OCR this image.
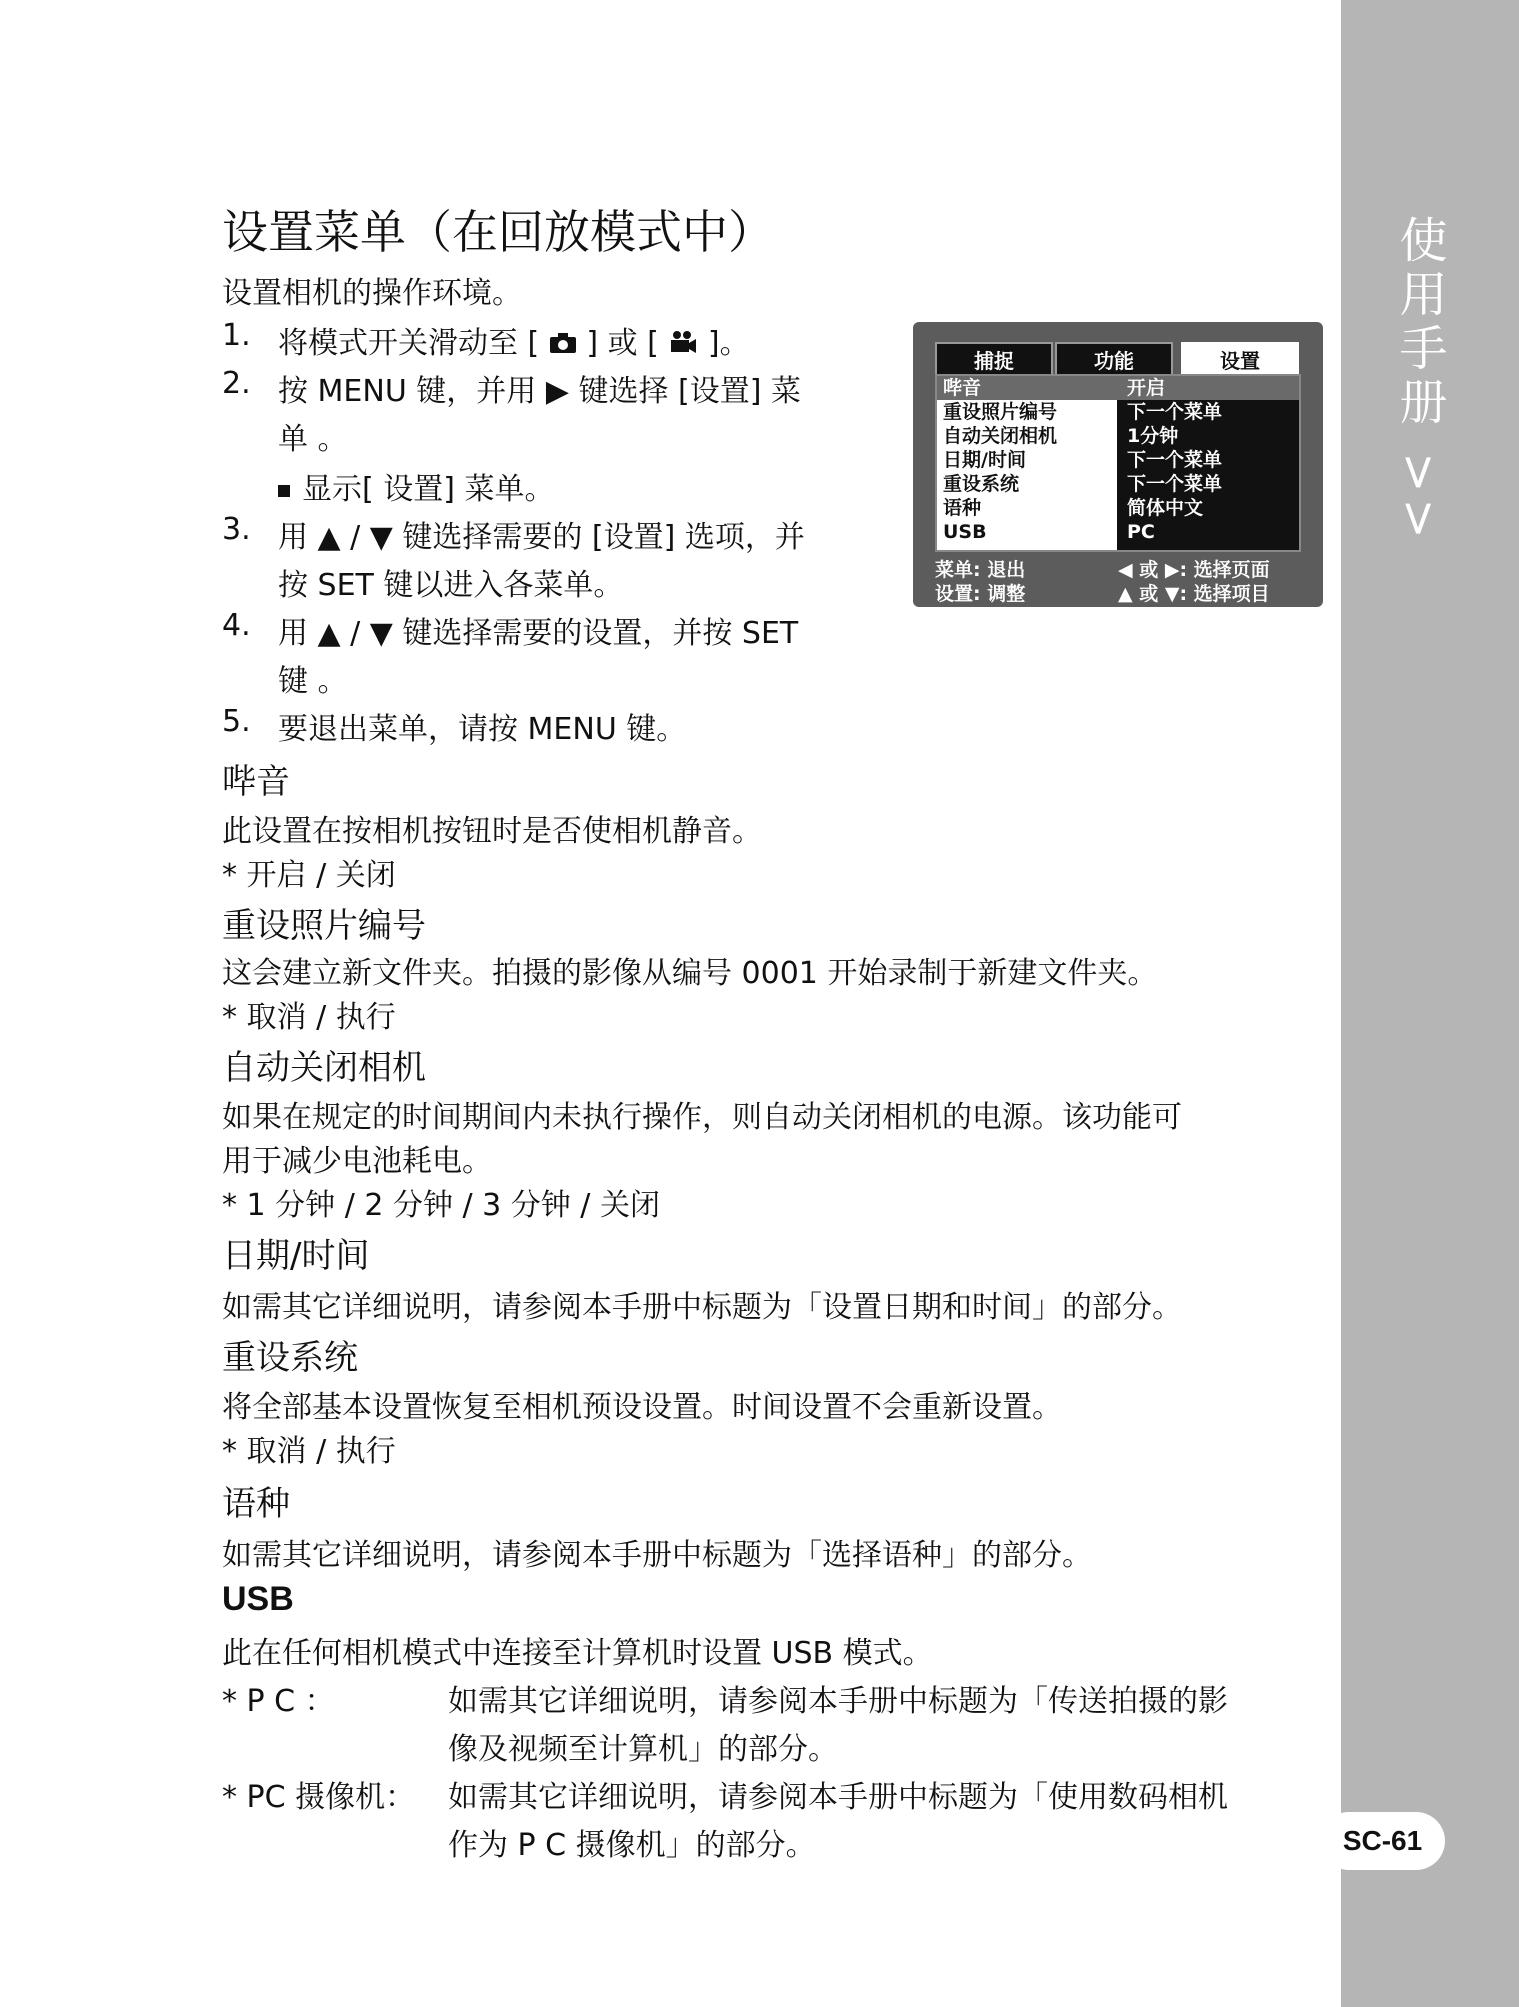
使用手册 >>
SC-61
设置菜单（在回放模式中）
设置相机的操作环境。
1. 将模式开关滑动至 [ ] 或 [ ]。
2. 按 MENU 键，并用 ▶ 键选择 [设置] 菜
单 。
显示[ 设置] 菜单。
3. 用 ▲ / ▼ 键选择需要的 [设置] 选项，并
按 SET 键以进入各菜单。
4. 用 ▲ / ▼ 键选择需要的设置，并按 SET
键 。
5. 要退出菜单，请按 MENU 键。
捕捉	功能	设置
哔音	开启
重设照片编号	下一个菜单
自动关闭相机	1分钟
日期/时间	下一个菜单
重设系统	下一个菜单
语种	简体中文
USB	PC
菜单: 退出
设置: 调整
◀ 或 ▶: 选择页面
▲ 或 ▼: 选择项目
哔音
此设置在按相机按钮时是否使相机静音。
* 开启 / 关闭
重设照片编号
这会建立新文件夹。拍摄的影像从编号 0001 开始录制于新建文件夹。
* 取消 / 执行
自动关闭相机
如果在规定的时间期间内未执行操作，则自动关闭相机的电源。该功能可
用于减少电池耗电。
* 1 分钟 / 2 分钟 / 3 分钟 / 关闭
日期/时间
如需其它详细说明，请参阅本手册中标题为「设置日期和时间」的部分。
重设系统
将全部基本设置恢复至相机预设设置。时间设置不会重新设置。
* 取消 / 执行
语种
如需其它详细说明，请参阅本手册中标题为「选择语种」的部分。
USB
此在任何相机模式中连接至计算机时设置 USB 模式。
* P C ：	如需其它详细说明，请参阅本手册中标题为「传送拍摄的影
像及视频至计算机」的部分。
* PC 摄像机： 如需其它详细说明，请参阅本手册中标题为「使用数码相机
作为 P C 摄像机」的部分。
